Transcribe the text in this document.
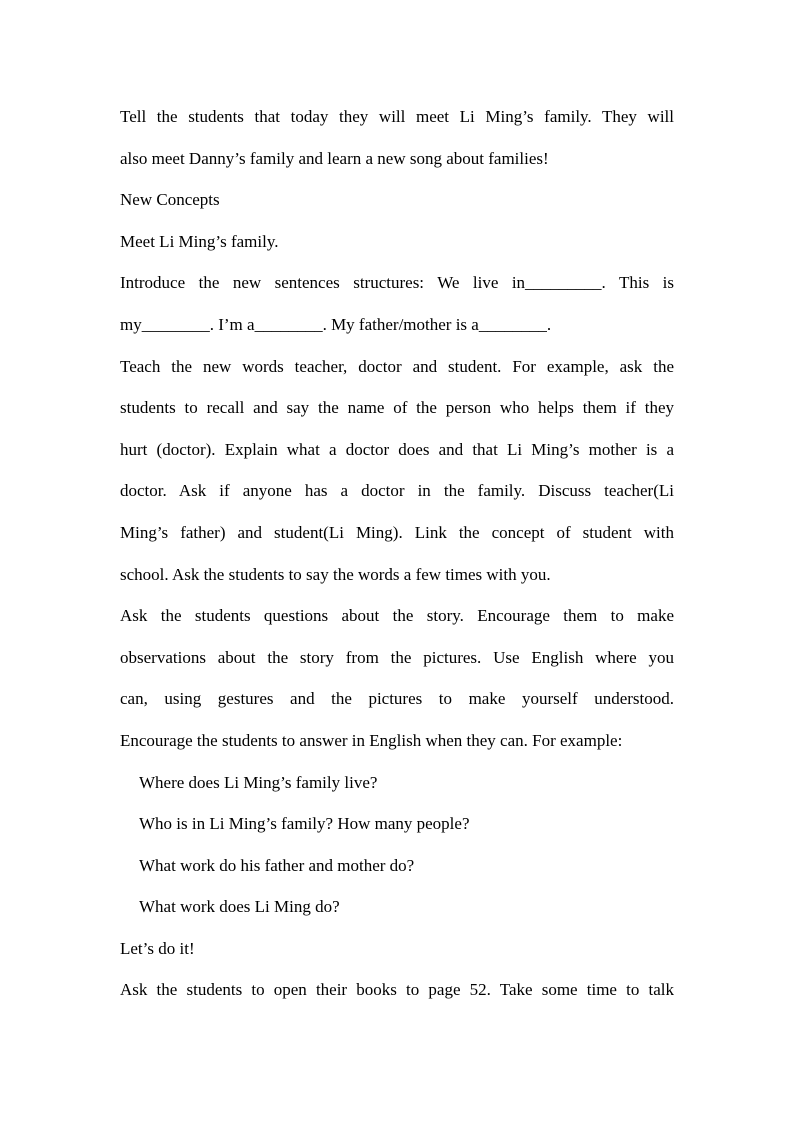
Tell the students that today they will meet Li Ming’s family. They will
also meet Danny’s family and learn a new song about families!
New Concepts
Meet Li Ming’s family.
Introduce the new sentences structures: We live in_________. This is
my________. I’m a________. My father/mother is a________.
Teach the new words teacher, doctor and student. For example, ask the
students to recall and say the name of the person who helps them if they
hurt (doctor). Explain what a doctor does and that Li Ming’s mother is a
doctor. Ask if anyone has a doctor in the family. Discuss teacher(Li
Ming’s father) and student(Li Ming). Link the concept of student with
school. Ask the students to say the words a few times with you.
Ask the students questions about the story. Encourage them to make
observations about the story from the pictures. Use English where you
can, using gestures and the pictures to make yourself understood.
Encourage the students to answer in English when they can. For example:
Where does Li Ming’s family live?
Who is in Li Ming’s family? How many people?
What work do his father and mother do?
What work does Li Ming do?
Let’s do it!
Ask the students to open their books to page 52. Take some time to talk
